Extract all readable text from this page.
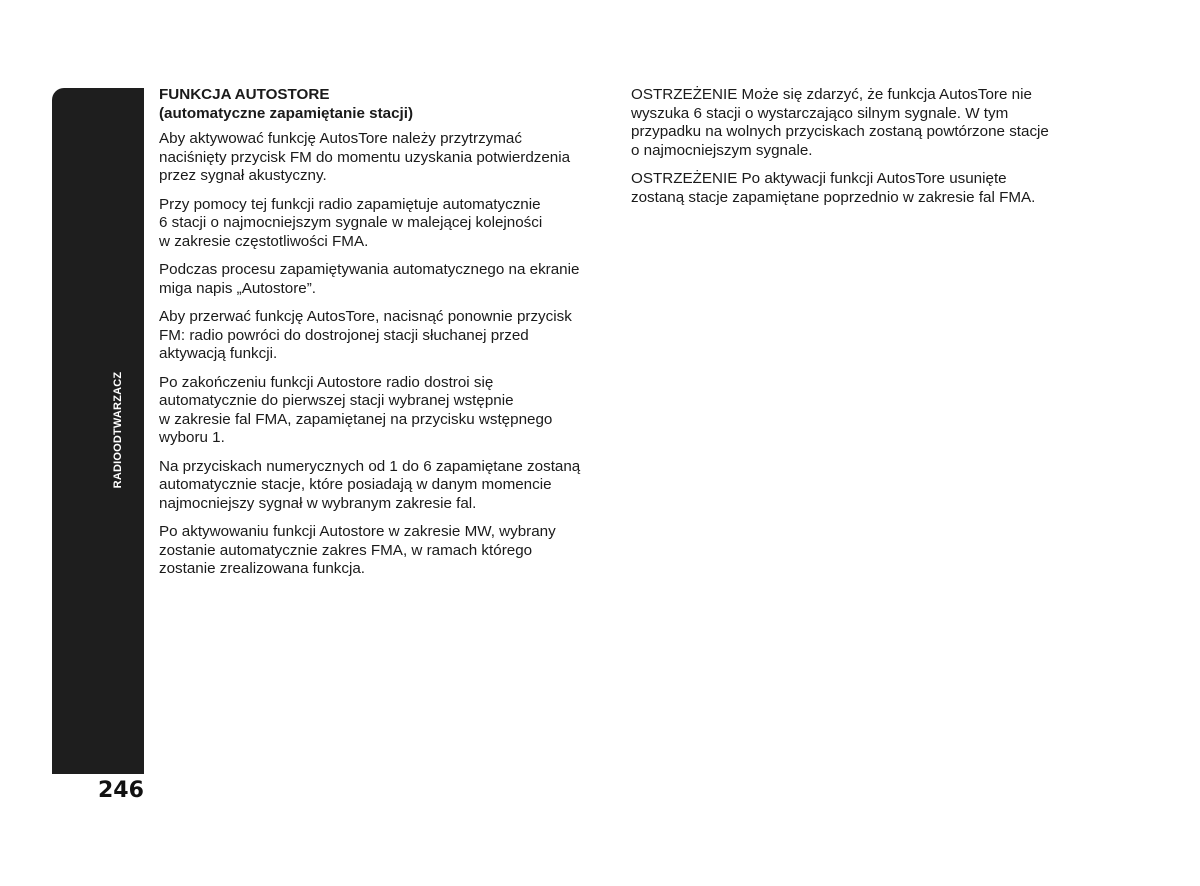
RADIOODTWARZACZ
FUNKCJA AUTOSTORE
(automatyczne zapamiętanie stacji)

Aby aktywować funkcję AutosTore należy przytrzymać
naciśnięty przycisk FM do momentu uzyskania potwierdzenia
przez sygnał akustyczny.

Przy pomocy tej funkcji radio zapamiętuje automatycznie
6 stacji o najmocniejszym sygnale w malejącej kolejności
w zakresie częstotliwości FMA.

Podczas procesu zapamiętywania automatycznego na ekranie
miga napis „Autostore”.

Aby przerwać funkcję AutosTore, nacisnąć ponownie przycisk
FM: radio powróci do dostrojonej stacji słuchanej przed
aktywacją funkcji.

Po zakończeniu funkcji Autostore radio dostroi się
automatycznie do pierwszej stacji wybranej wstępnie
w zakresie fal FMA, zapamiętanej na przycisku wstępnego
wyboru 1.

Na przyciskach numerycznych od 1 do 6 zapamiętane zostaną
automatycznie stacje, które posiadają w danym momencie
najmocniejszy sygnał w wybranym zakresie fal.

Po aktywowaniu funkcji Autostore w zakresie MW, wybrany
zostanie automatycznie zakres FMA, w ramach którego
zostanie zrealizowana funkcja.

OSTRZEŻENIE Może się zdarzyć, że funkcja AutosTore nie
wyszuka 6 stacji o wystarczająco silnym sygnale. W tym
przypadku na wolnych przyciskach zostaną powtórzone stacje
o najmocniejszym sygnale.

OSTRZEŻENIE Po aktywacji funkcji AutosTore usunięte
zostaną stacje zapamiętane poprzednio w zakresie fal FMA.

246
